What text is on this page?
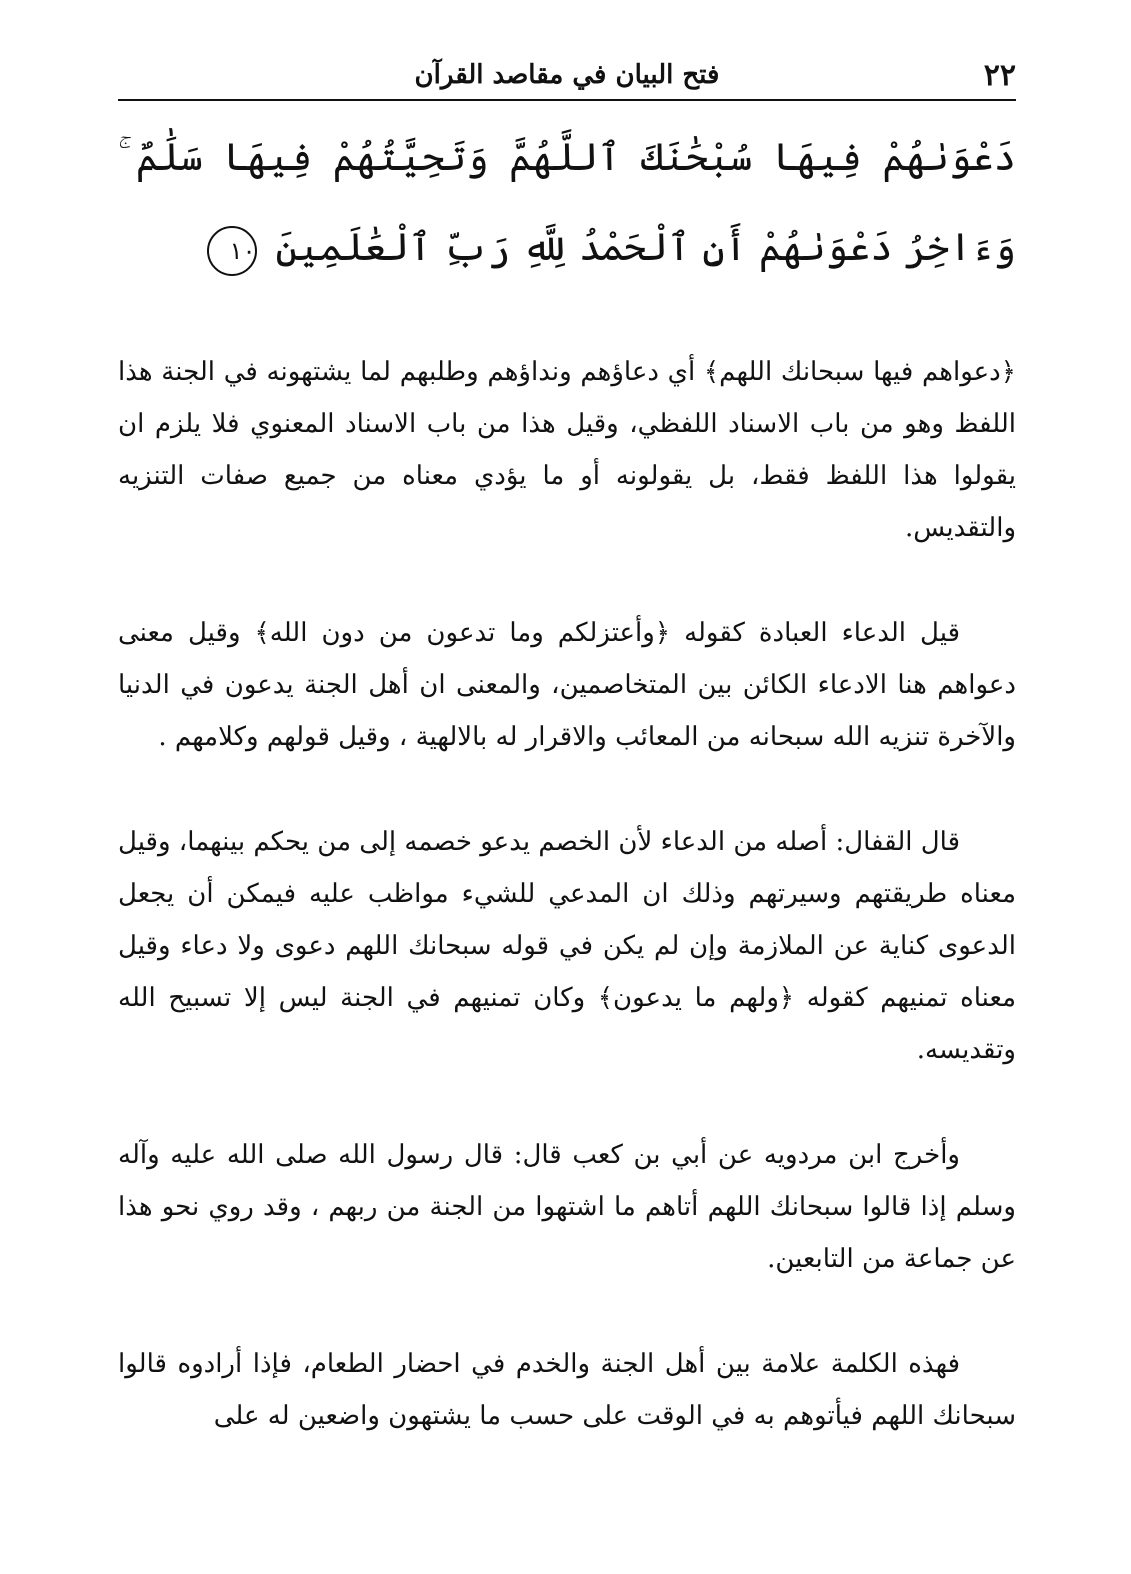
٢٢
فتح البيان في مقاصد القرآن
دَعْوَىٰهُمْ فِيهَا سُبْحَٰنَكَ ٱللَّهُمَّ وَتَحِيَّتُهُمْ فِيهَا سَلَٰمٌ ۚ وَءَاخِرُ دَعْوَىٰهُمْ أَنِ ٱلْحَمْدُ لِلَّهِ رَبِّ ٱلْعَٰلَمِينَ ١٠

﴿دعواهم فيها سبحانك اللهم﴾ أي دعاؤهم ونداؤهم وطلبهم لما يشتهونه في الجنة هذا اللفظ وهو من باب الاسناد اللفظي، وقيل هذا من باب الاسناد المعنوي فلا يلزم ان يقولوا هذا اللفظ فقط، بل يقولونه أو ما يؤدي معناه من جميع صفات التنزيه والتقديس.

قيل الدعاء العبادة كقوله ﴿وأعتزلكم وما تدعون من دون الله﴾ وقيل معنى دعواهم هنا الادعاء الكائن بين المتخاصمين، والمعنى ان أهل الجنة يدعون في الدنيا والآخرة تنزيه الله سبحانه من المعائب والاقرار له بالالهية ، وقيل قولهم وكلامهم .

قال القفال: أصله من الدعاء لأن الخصم يدعو خصمه إلى من يحكم بينهما، وقيل معناه طريقتهم وسيرتهم وذلك ان المدعي للشيء مواظب عليه فيمكن أن يجعل الدعوى كناية عن الملازمة وإن لم يكن في قوله سبحانك اللهم دعوى ولا دعاء وقيل معناه تمنيهم كقوله ﴿ولهم ما يدعون﴾ وكان تمنيهم في الجنة ليس إلا تسبيح الله وتقديسه.

وأخرج ابن مردويه عن أبي بن كعب قال: قال رسول الله صلى الله عليه وآله وسلم إذا قالوا سبحانك اللهم أتاهم ما اشتهوا من الجنة من ربهم ، وقد روي نحو هذا عن جماعة من التابعين.

فهذه الكلمة علامة بين أهل الجنة والخدم في احضار الطعام، فإذا أرادوه قالوا سبحانك اللهم فيأتوهم به في الوقت على حسب ما يشتهون واضعين له على
